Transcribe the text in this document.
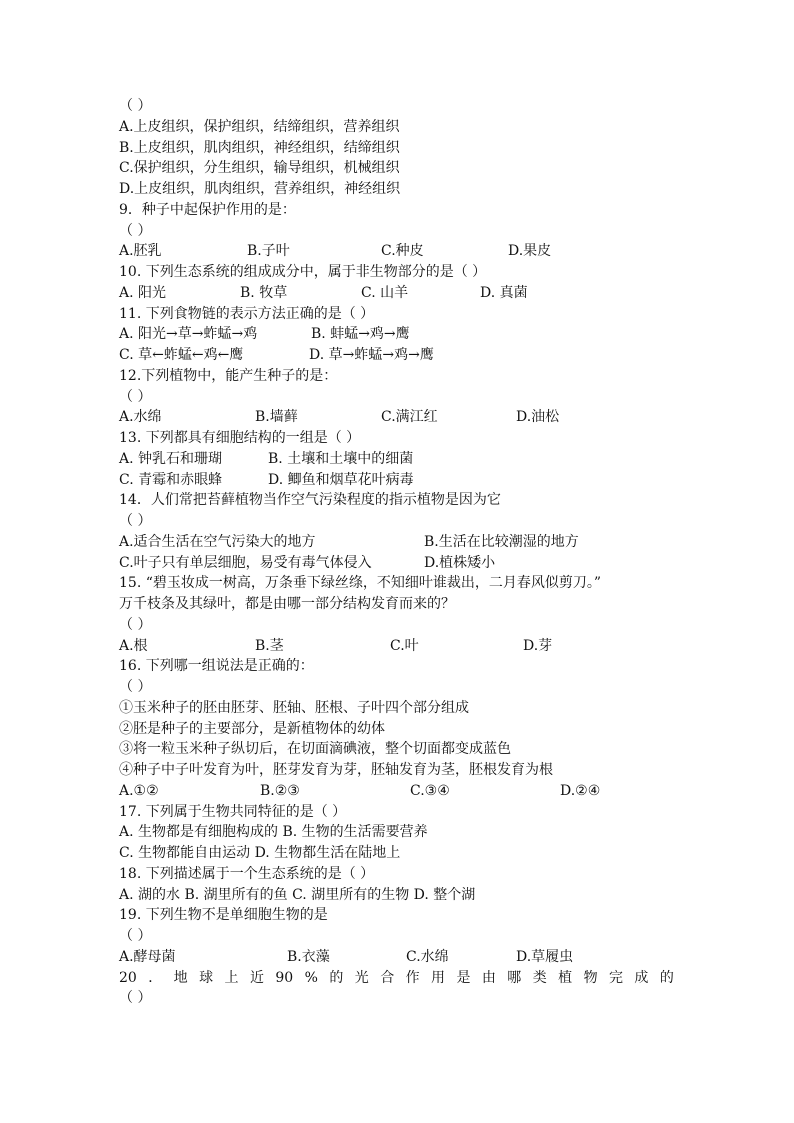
（ ）
A.上皮组织，保护组织，结缔组织，营养组织
B.上皮组织，肌肉组织，神经组织，结缔组织
C.保护组织，分生组织，输导组织，机械组织
D.上皮组织，肌肉组织，营养组织，神经组织
9．种子中起保护作用的是：
（ ）
A.胚乳	B.子叶	C.种皮	D.果皮
10. 下列生态系统的组成成分中，属于非生物部分的是（ ）
A. 阳光	B. 牧草	C. 山羊	D. 真菌
11. 下列食物链的表示方法正确的是（ ）
A. 阳光→草→蚱蜢→鸡	B. 蚌蜢→鸡→鹰
C. 草←蚱蜢←鸡←鹰	D. 草→蚱蜢→鸡→鹰
12.下列植物中，能产生种子的是：
（ ）
A.水绵	B.墙藓	C.满江红	D.油松
13. 下列都具有细胞结构的一组是（ ）
A. 钟乳石和珊瑚	B. 土壤和土壤中的细菌
C. 青霉和赤眼蜂	D. 鲫鱼和烟草花叶病毒
14．人们常把苔藓植物当作空气污染程度的指示植物是因为它
（ ）
A.适合生活在空气污染大的地方	B.生活在比较潮湿的地方
C.叶子只有单层细胞，易受有毒气体侵入	D.植株矮小
15. “碧玉妆成一树高，万条垂下绿丝绦，不知细叶谁裁出，二月春风似剪刀。”
万千枝条及其绿叶，都是由哪一部分结构发育而来的？
（ ）
A.根	B.茎	C.叶	D.芽
16. 下列哪一组说法是正确的：
（ ）
①玉米种子的胚由胚芽、胚轴、胚根、子叶四个部分组成
②胚是种子的主要部分，是新植物体的幼体
③将一粒玉米种子纵切后，在切面滴碘液，整个切面都变成蓝色
④种子中子叶发育为叶，胚芽发育为芽，胚轴发育为茎，胚根发育为根
A.①②	B.②③	C.③④	D.②④
17. 下列属于生物共同特征的是（ ）
A. 生物都是有细胞构成的 B. 生物的生活需要营养
C. 生物都能自由运动 D. 生物都生活在陆地上
18. 下列描述属于一个生态系统的是（ ）
A. 湖的水 B. 湖里所有的鱼 C. 湖里所有的生物 D. 整个湖
19. 下列生物不是单细胞生物的是
（ ）
A.酵母菌	B.衣藻	C.水绵	D.草履虫
20 ． 地 球 上 近 90 % 的 光 合 作 用 是 由 哪 类 植 物 完 成 的
（ ）
